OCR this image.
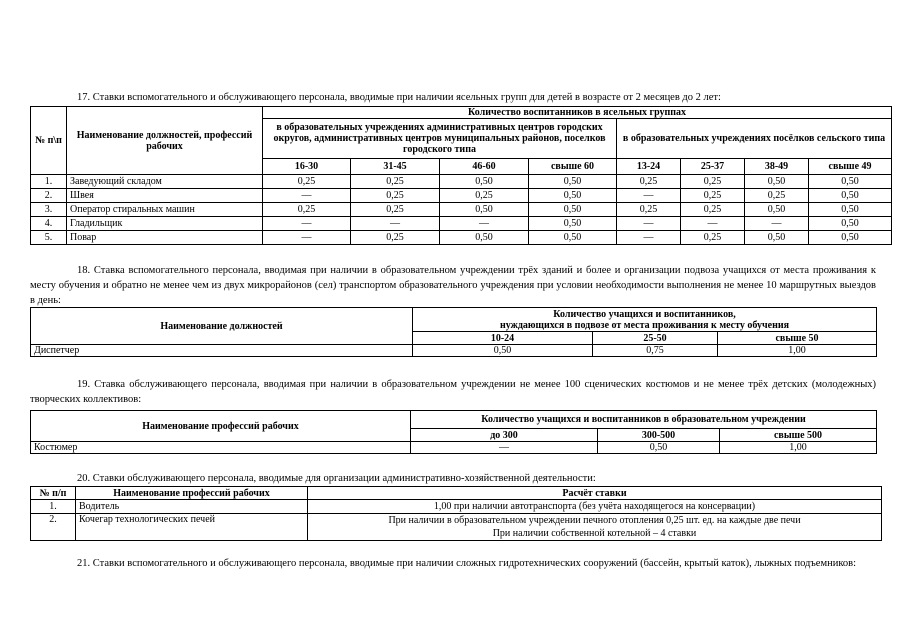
17. Ставки вспомогательного и обслуживающего персонала, вводимые при наличии ясельных групп для детей в возрасте от 2 месяцев до 2 лет:
№ п\п	Наименование должностей, профессий рабочих	Количество воспитанников в ясельных группах							
		в образовательных учреждениях административных центров городских округов, административных центров муниципальных районов, поселков городского типа				в образовательных учреждениях посёлков сельского типа			
		16-30	31-45	46-60	свыше 60	13-24	25-37	38-49	свыше 49
1.	Заведующий складом	0,25	0,25	0,50	0,50	0,25	0,25	0,50	0,50
2.	Швея	—	0,25	0,25	0,50	—	0,25	0,25	0,50
3.	Оператор стиральных машин	0,25	0,25	0,50	0,50	0,25	0,25	0,50	0,50
4.	Гладильщик	—	—	—	0,50	—	—	—	0,50
5.	Повар	—	0,25	0,50	0,50	—	0,25	0,50	0,50
18. Ставка вспомогательного персонала, вводимая при наличии в образовательном учреждении трёх зданий и более и организации подвоза учащихся от места проживания к месту обучения и обратно не менее чем из двух микрорайонов (сел) транспортом образовательного учреждения при условии необходимости выполнения не менее 10 маршрутных выездов в день:
Наименование должностей	Количество учащихся и воспитанников,
нуждающихся в подвозе от места проживания к месту обучения		
	10-24	25-50	свыше 50
Диспетчер	0,50	0,75	1,00
19. Ставка обслуживающего персонала, вводимая при наличии в образовательном учреждении не менее 100 сценических костюмов и не менее трёх детских (молодежных) творческих коллективов:
Наименование профессий рабочих	Количество учащихся и воспитанников в образовательном учреждении		
	до 300	300-500	свыше 500
Костюмер	—	0,50	1,00
20. Ставки обслуживающего персонала, вводимые для организации административно-хозяйственной деятельности:
№ п/п	Наименование профессий рабочих	Расчёт ставки
1.	Водитель	1,00 при наличии автотранспорта (без учёта находящегося на консервации)
2.	Кочегар технологических печей	При наличии в образовательном учреждении печного отопления 0,25 шт. ед. на каждые две печи
При наличии собственной котельной – 4 ставки
21. Ставки вспомогательного и обслуживающего персонала, вводимые при наличии сложных гидротехнических сооружений (бассейн, крытый каток), лыжных подъемников:
